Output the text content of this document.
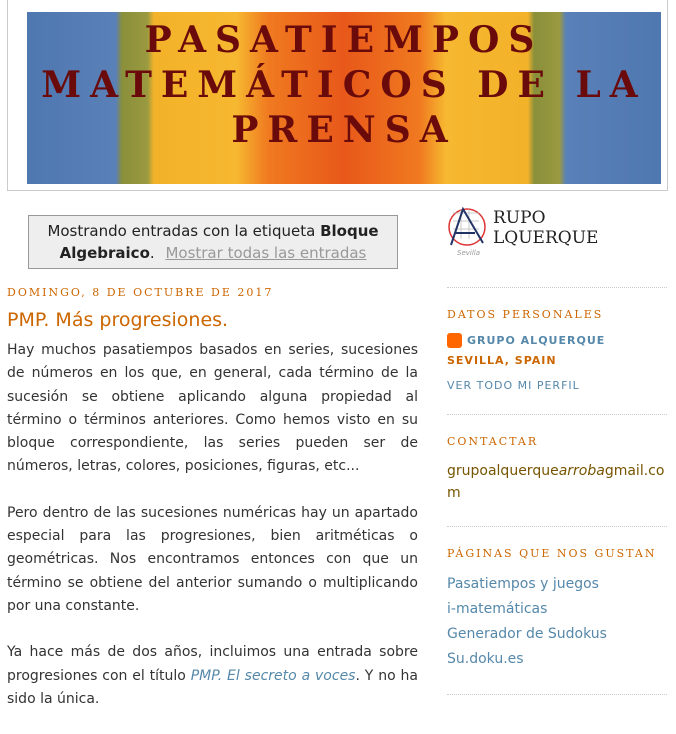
PASATIEMPOS
MATEMÁTICOS DE LA
PRENSA
Mostrando entradas con la etiqueta Bloque Algebraico. Mostrar todas las entradas
DOMINGO, 8 DE OCTUBRE DE 2017
PMP. Más progresiones.

Hay muchos pasatiempos basados en series, sucesiones de números en los que, en general, cada término de la sucesión se obtiene aplicando alguna propiedad al término o términos anteriores. Como hemos visto en su bloque correspondiente, las series pueden ser de números, letras, colores, posiciones, figuras, etc...

Pero dentro de las sucesiones numéricas hay un apartado especial para las progresiones, bien aritméticas o geométricas. Nos encontramos entonces con que un término se obtiene del anterior sumando o multiplicando por una constante.

Ya hace más de dos años, incluimos una entrada sobre progresiones con el título PMP. El secreto a voces. Y no ha sido la única.

Sevilla
RUPO
LQUERQUE
DATOS PERSONALES
GRUPO ALQUERQUE
SEVILLA, SPAIN
VER TODO MI PERFIL
CONTACTAR
grupoalquerquearrobagmail.com
PÁGINAS QUE NOS GUSTAN
Pasatiempos y juegos
i-matemáticas
Generador de Sudokus
Su.doku.es
